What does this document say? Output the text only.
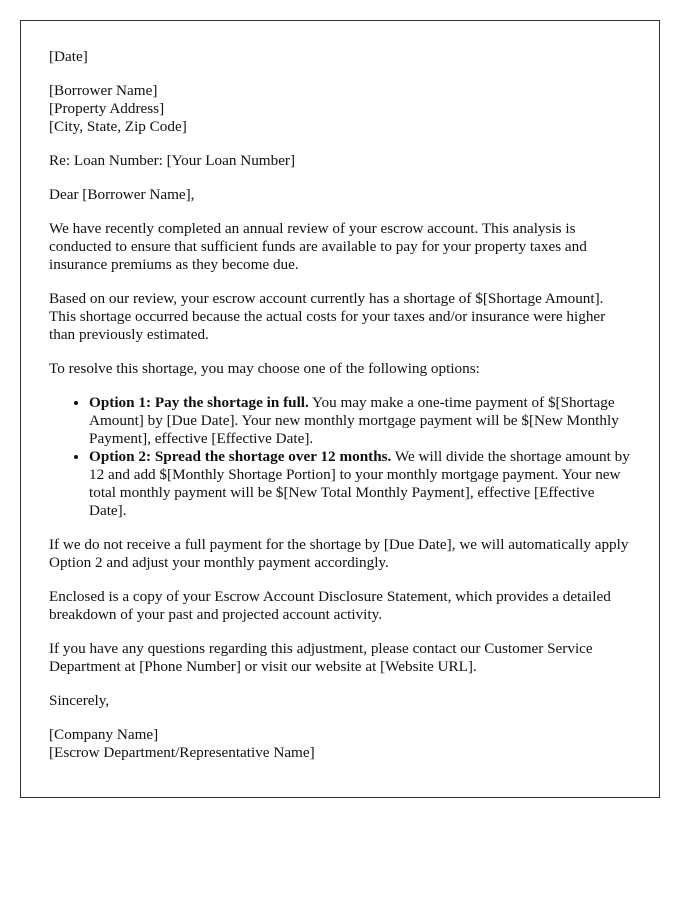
[Date]

[Borrower Name]
[Property Address]
[City, State, Zip Code]

Re: Loan Number: [Your Loan Number]

Dear [Borrower Name],

We have recently completed an annual review of your escrow account. This analysis is conducted to ensure that sufficient funds are available to pay for your property taxes and insurance premiums as they become due.

Based on our review, your escrow account currently has a shortage of $[Shortage Amount]. This shortage occurred because the actual costs for your taxes and/or insurance were higher than previously estimated.

To resolve this shortage, you may choose one of the following options:

• Option 1: Pay the shortage in full. You may make a one-time payment of $[Shortage Amount] by [Due Date]. Your new monthly mortgage payment will be $[New Monthly Payment], effective [Effective Date].
• Option 2: Spread the shortage over 12 months. We will divide the shortage amount by 12 and add $[Monthly Shortage Portion] to your monthly mortgage payment. Your new total monthly payment will be $[New Total Monthly Payment], effective [Effective Date].

If we do not receive a full payment for the shortage by [Due Date], we will automatically apply Option 2 and adjust your monthly payment accordingly.

Enclosed is a copy of your Escrow Account Disclosure Statement, which provides a detailed breakdown of your past and projected account activity.

If you have any questions regarding this adjustment, please contact our Customer Service Department at [Phone Number] or visit our website at [Website URL].

Sincerely,

[Company Name]
[Escrow Department/Representative Name]
